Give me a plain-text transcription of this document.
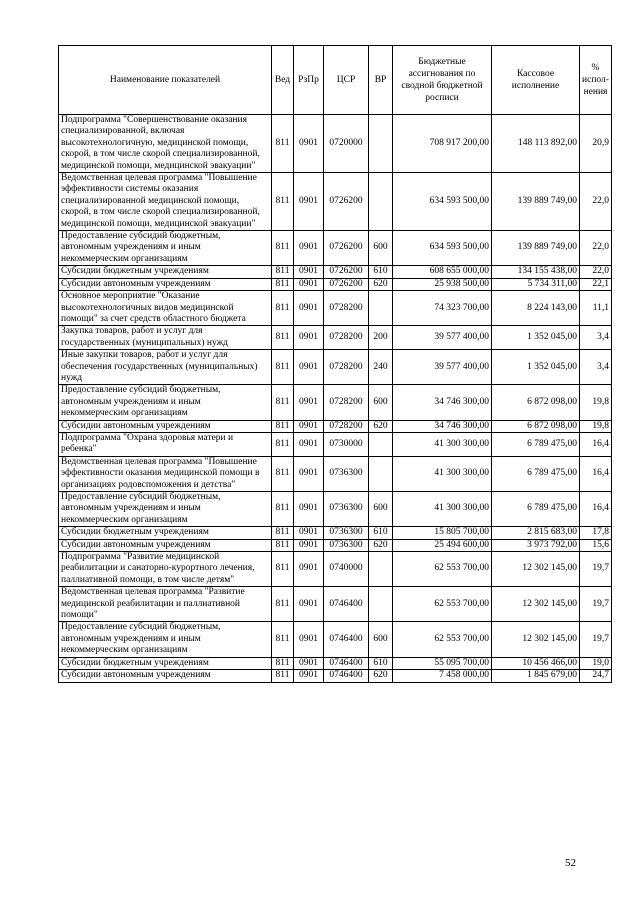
Наименование показателей	Вед	РзПр	ЦСР	ВР	Бюджетные ассигнования по сводной бюджетной росписи	Кассовое исполнение	% испол-нения
Подпрограмма "Совершенствование оказания специализированной, включая высокотехнологичную, медицинской помощи, скорой, в том числе скорой специализированной, медицинской помощи, медицинской эвакуации"	811	0901	0720000		708 917 200,00	148 113 892,00	20,9
Ведомственная целевая программа "Повышение эффективности системы оказания специализированной медицинской помощи, скорой, в том числе скорой специализированной, медицинской помощи, медицинской эвакуации"	811	0901	0726200		634 593 500,00	139 889 749,00	22,0
Предоставление субсидий бюджетным, автономным учреждениям и иным некоммерческим организациям	811	0901	0726200	600	634 593 500,00	139 889 749,00	22,0
Субсидии бюджетным учреждениям	811	0901	0726200	610	608 655 000,00	134 155 438,00	22,0
Субсидии автономным учреждениям	811	0901	0726200	620	25 938 500,00	5 734 311,00	22,1
Основное мероприятие "Оказание высокотехнологичных видов медицинской помощи" за счет средств областного бюджета	811	0901	0728200		74 323 700,00	8 224 143,00	11,1
Закупка товаров, работ и услуг для государственных (муниципальных) нужд	811	0901	0728200	200	39 577 400,00	1 352 045,00	3,4
Иные закупки товаров, работ и услуг для обеспечения государственных (муниципальных) нужд	811	0901	0728200	240	39 577 400,00	1 352 045,00	3,4
Предоставление субсидий бюджетным, автономным учреждениям и иным некоммерческим организациям	811	0901	0728200	600	34 746 300,00	6 872 098,00	19,8
Субсидии автономным учреждениям	811	0901	0728200	620	34 746 300,00	6 872 098,00	19,8
Подпрограмма "Охрана здоровья матери и ребенка"	811	0901	0730000		41 300 300,00	6 789 475,00	16,4
Ведомственная целевая программа "Повышение эффективности оказания медицинской помощи в организациях родовспоможения и детства"	811	0901	0736300		41 300 300,00	6 789 475,00	16,4
Предоставление субсидий бюджетным, автономным учреждениям и иным некоммерческим организациям	811	0901	0736300	600	41 300 300,00	6 789 475,00	16,4
Субсидии бюджетным учреждениям	811	0901	0736300	610	15 805 700,00	2 815 683,00	17,8
Субсидии автономным учреждениям	811	0901	0736300	620	25 494 600,00	3 973 792,00	15,6
Подпрограмма "Развитие медицинской реабилитации и санаторно-курортного лечения, паллиативной помощи, в том числе детям"	811	0901	0740000		62 553 700,00	12 302 145,00	19,7
Ведомственная целевая программа "Развитие медицинской реабилитации и паллиативной помощи"	811	0901	0746400		62 553 700,00	12 302 145,00	19,7
Предоставление субсидий бюджетным, автономным учреждениям и иным некоммерческим организациям	811	0901	0746400	600	62 553 700,00	12 302 145,00	19,7
Субсидии бюджетным учреждениям	811	0901	0746400	610	55 095 700,00	10 456 466,00	19,0
Субсидии автономным учреждениям	811	0901	0746400	620	7 458 000,00	1 845 679,00	24,7
52
